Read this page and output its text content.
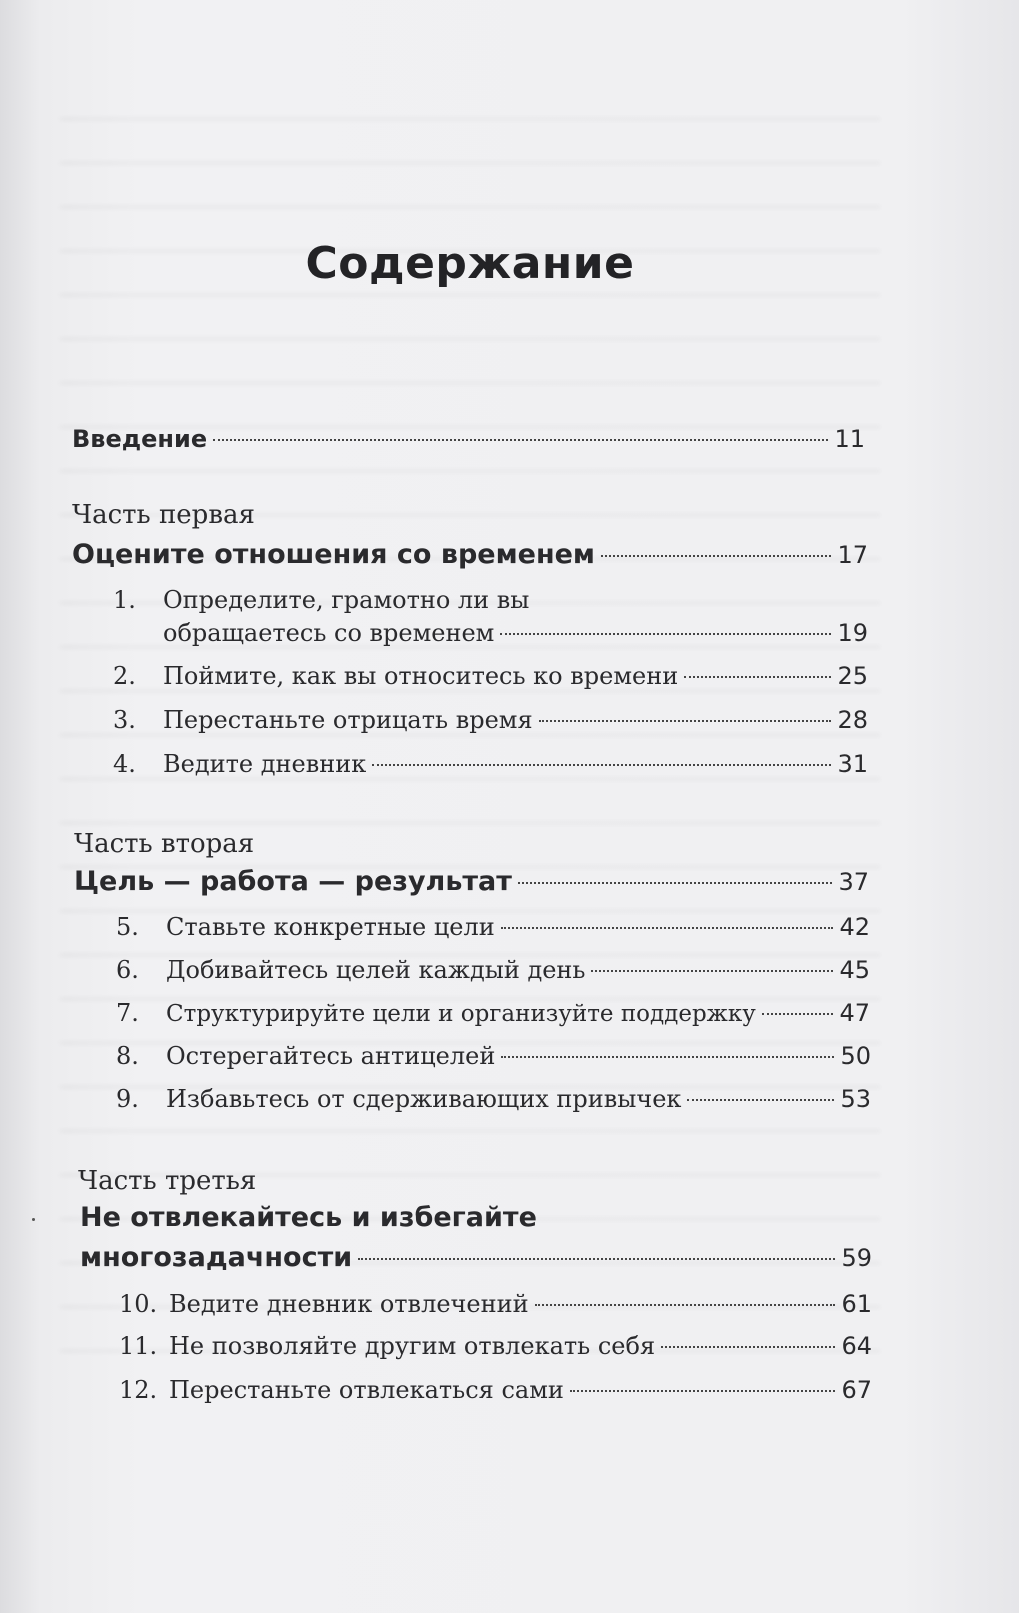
Содержание
Введение	11
Часть первая
Оцените отношения со временем	17
1. Определите, грамотно ли вы
обращаетесь со временем	19
2.	Поймите, как вы относитесь ко времени	25
3.	Перестаньте отрицать время	28
4.	Ведите дневник	31
Часть вторая
Цель — работа — результат	37
5.	Ставьте конкретные цели	42
6.	Добивайтесь целей каждый день	45
7.	Структурируйте цели и организуйте поддержку	47
8.	Остерегайтесь антицелей	50
9.	Избавьтесь от сдерживающих привычек	53
Часть третья
Не отвлекайтесь и избегайте
многозадачности	59
10. Ведите дневник отвлечений	61
11. Не позволяйте другим отвлекать себя	64
12. Перестаньте отвлекаться сами	67
